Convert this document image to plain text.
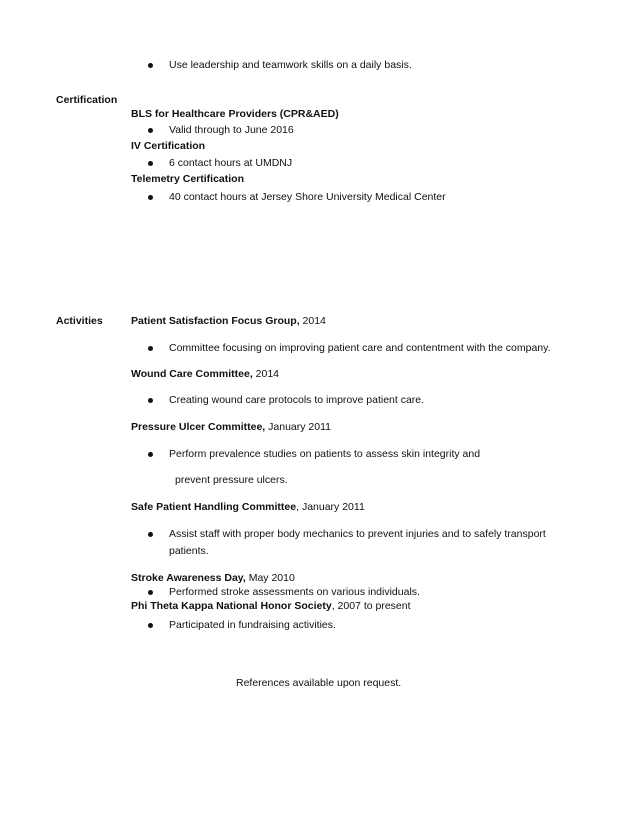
Use leadership and teamwork skills on a daily basis.
Certification
BLS for Healthcare Providers (CPR&AED)
Valid through to June 2016
IV Certification
6 contact hours at UMDNJ
Telemetry Certification
40 contact hours at Jersey Shore University Medical Center
Activities	Patient Satisfaction Focus Group, 2014
Committee focusing on improving patient care and contentment with the company.
Wound Care Committee, 2014
Creating wound care protocols to improve patient care.
Pressure Ulcer Committee, January 2011
Perform prevalence studies on patients to assess skin integrity and
prevent pressure ulcers.
Safe Patient Handling Committee, January 2011
Assist staff with proper body mechanics to prevent injuries and to safely transport
patients.
Stroke Awareness Day, May 2010
Performed stroke assessments on various individuals.
Phi Theta Kappa National Honor Society, 2007 to present
Participated in fundraising activities.
References available upon request.
